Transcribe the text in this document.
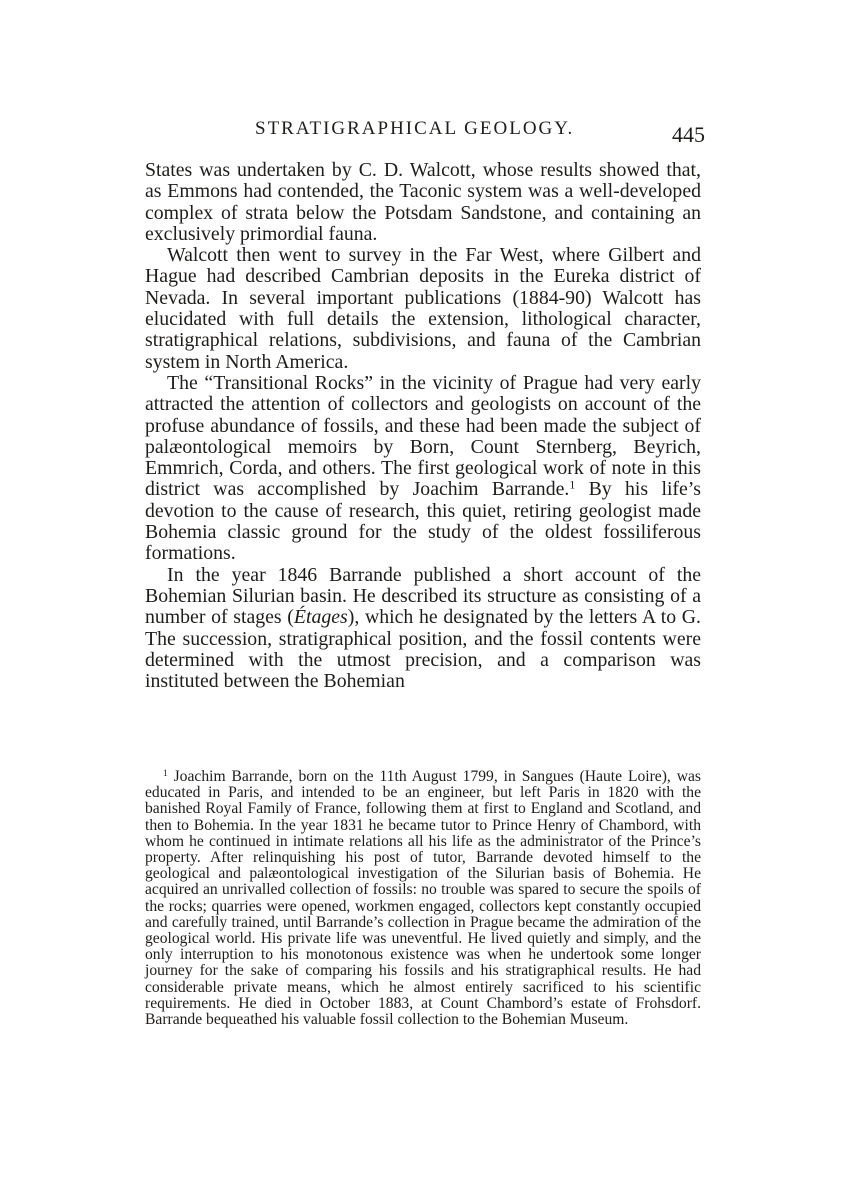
STRATIGRAPHICAL GEOLOGY.	445

States was undertaken by C. D. Walcott, whose results showed that, as Emmons had contended, the Taconic system was a well-developed complex of strata below the Potsdam Sandstone, and containing an exclusively primordial fauna.

Walcott then went to survey in the Far West, where Gilbert and Hague had described Cambrian deposits in the Eureka district of Nevada. In several important publications (1884-90) Walcott has elucidated with full details the extension, lithological character, stratigraphical relations, subdivisions, and fauna of the Cambrian system in North America.

The “Transitional Rocks” in the vicinity of Prague had very early attracted the attention of collectors and geologists on account of the profuse abundance of fossils, and these had been made the subject of palæontological memoirs by Born, Count Sternberg, Beyrich, Emmrich, Corda, and others. The first geological work of note in this district was accomplished by Joachim Barrande.$^1$ By his life’s devotion to the cause of research, this quiet, retiring geologist made Bohemia classic ground for the study of the oldest fossiliferous formations.

In the year 1846 Barrande published a short account of the Bohemian Silurian basin. He described its structure as consisting of a number of stages (Étages), which he designated by the letters A to G. The succession, stratigraphical position, and the fossil contents were determined with the utmost precision, and a comparison was instituted between the Bohemian

$^1$ Joachim Barrande, born on the 11th August 1799, in Sangues (Haute Loire), was educated in Paris, and intended to be an engineer, but left Paris in 1820 with the banished Royal Family of France, following them at first to England and Scotland, and then to Bohemia. In the year 1831 he became tutor to Prince Henry of Chambord, with whom he continued in intimate relations all his life as the administrator of the Prince’s property. After relinquishing his post of tutor, Barrande devoted himself to the geological and palæontological investigation of the Silurian basis of Bohemia. He acquired an unrivalled collection of fossils: no trouble was spared to secure the spoils of the rocks; quarries were opened, workmen engaged, collectors kept constantly occupied and carefully trained, until Barrande’s collection in Prague became the admiration of the geological world. His private life was uneventful. He lived quietly and simply, and the only interruption to his monotonous existence was when he undertook some longer journey for the sake of comparing his fossils and his stratigraphical results. He had considerable private means, which he almost entirely sacrificed to his scientific requirements. He died in October 1883, at Count Chambord’s estate of Frohsdorf. Barrande bequeathed his valuable fossil collection to the Bohemian Museum.
